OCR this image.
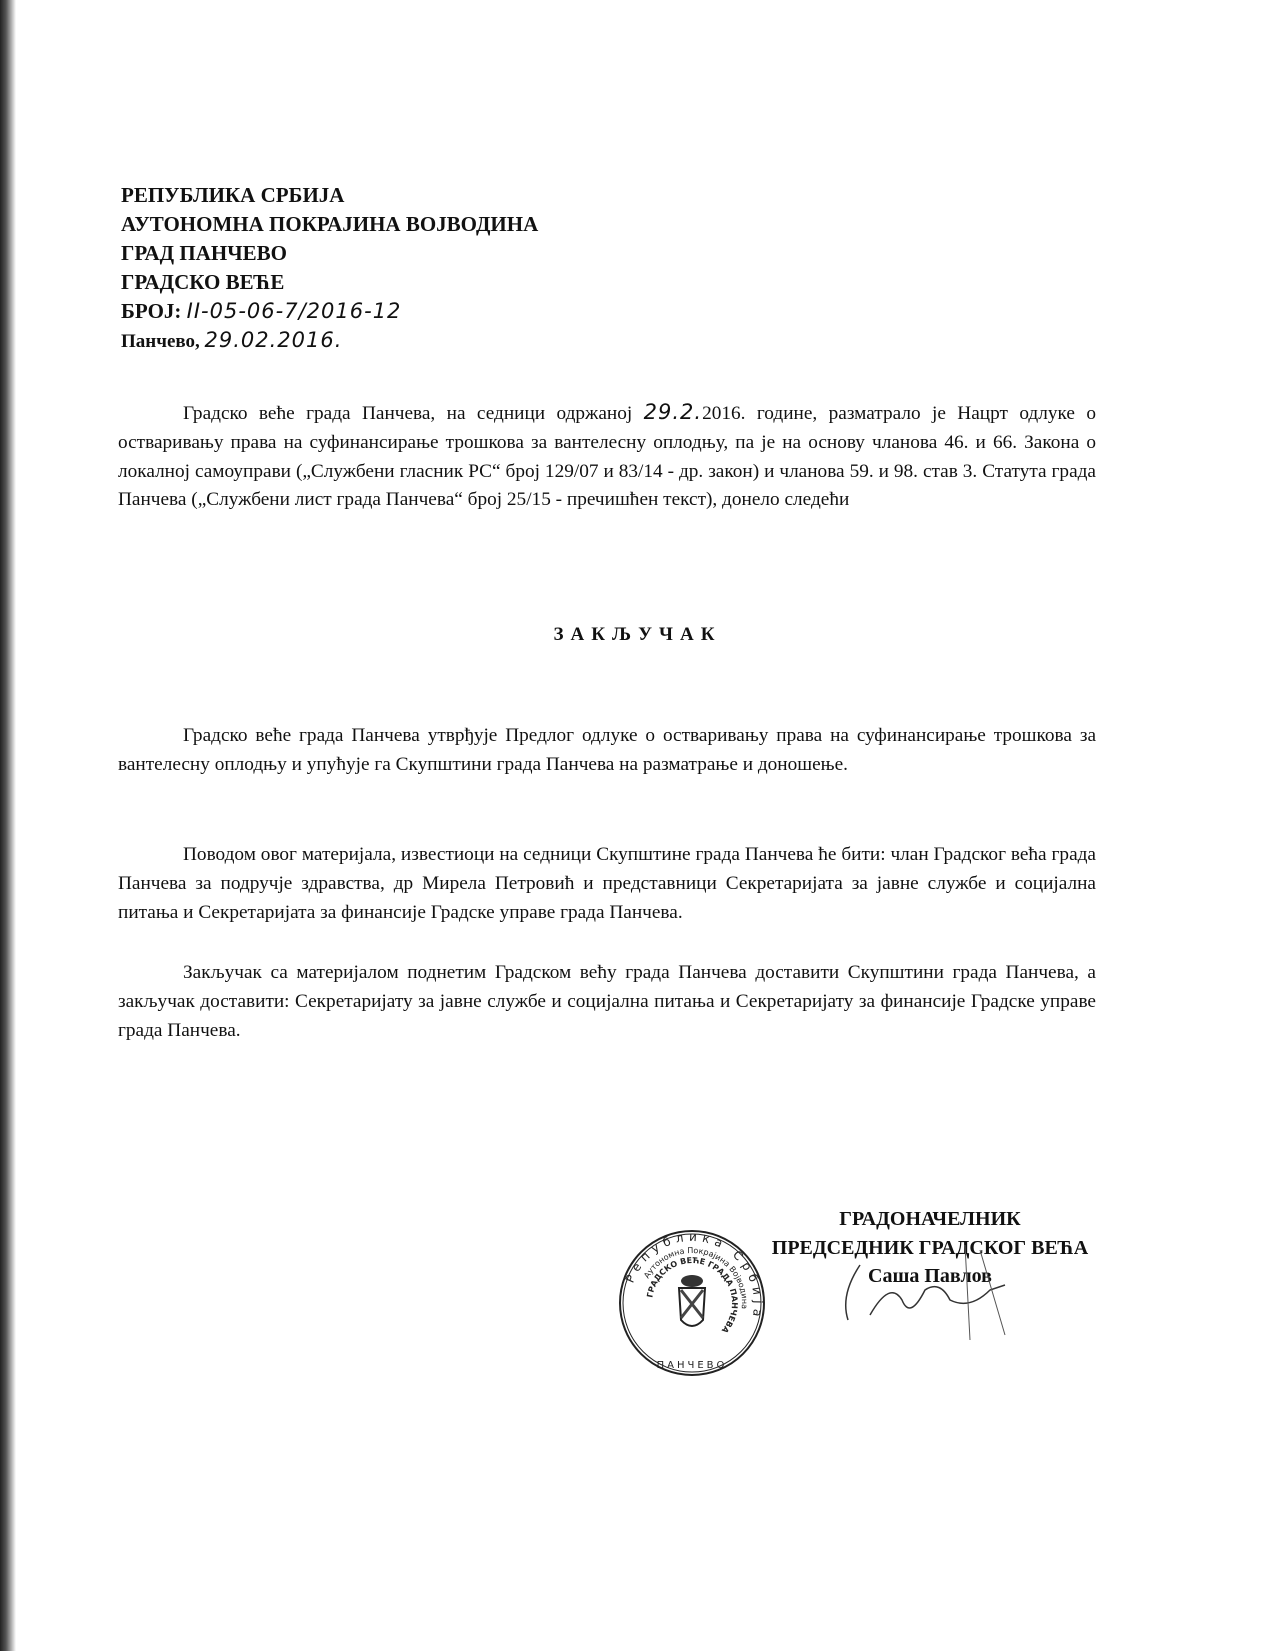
РЕПУБЛИКА СРБИЈА
АУТОНОМНА ПОКРАЈИНА ВОЈВОДИНА
ГРАД ПАНЧЕВО
ГРАДСКО ВЕЋЕ
БРОЈ: II-05-06-7/2016-12
Панчево, 29.02.2016.

Градско веће града Панчева, на седници одржаној 29.2.2016. године, разматрало је Нацрт одлуке о остваривању права на суфинансирање трошкова за вантелесну оплодњу, па је на основу чланова 46. и 66. Закона о локалној самоуправи („Службени гласник РС“ број 129/07 и 83/14 - др. закон) и чланова 59. и 98. став 3. Статута града Панчева („Службени лист града Панчева“ број 25/15 - пречишћен текст), донело следећи

ЗАКЉУЧАК

Градско веће града Панчева утврђује Предлог одлуке о остваривању права на суфинансирање трошкова за вантелесну оплодњу и упућује га Скупштини града Панчева на разматрање и доношење.

Поводом овог материјала, известиоци на седници Скупштине града Панчева ће бити: члан Градског већа града Панчева за подручје здравства, др Мирела Петровић и представници Секретаријата за јавне службе и социјална питања и Секретаријата за финансије Градске управе града Панчева.

Закључак са материјалом поднетим Градском већу града Панчева доставити Скупштини града Панчева, а закључак доставити: Секретаријату за јавне службе и социјална питања и Секретаријату за финансије Градске управе града Панчева.

Република Србија
Аутономна Покрајина Војводина
ГРАДСКО ВЕЋЕ ГРАДА ПАНЧЕВА
ПАНЧЕВО
ГРАДОНАЧЕЛНИК
ПРЕДСЕДНИК ГРАДСКОГ ВЕЋА
Саша Павлов
